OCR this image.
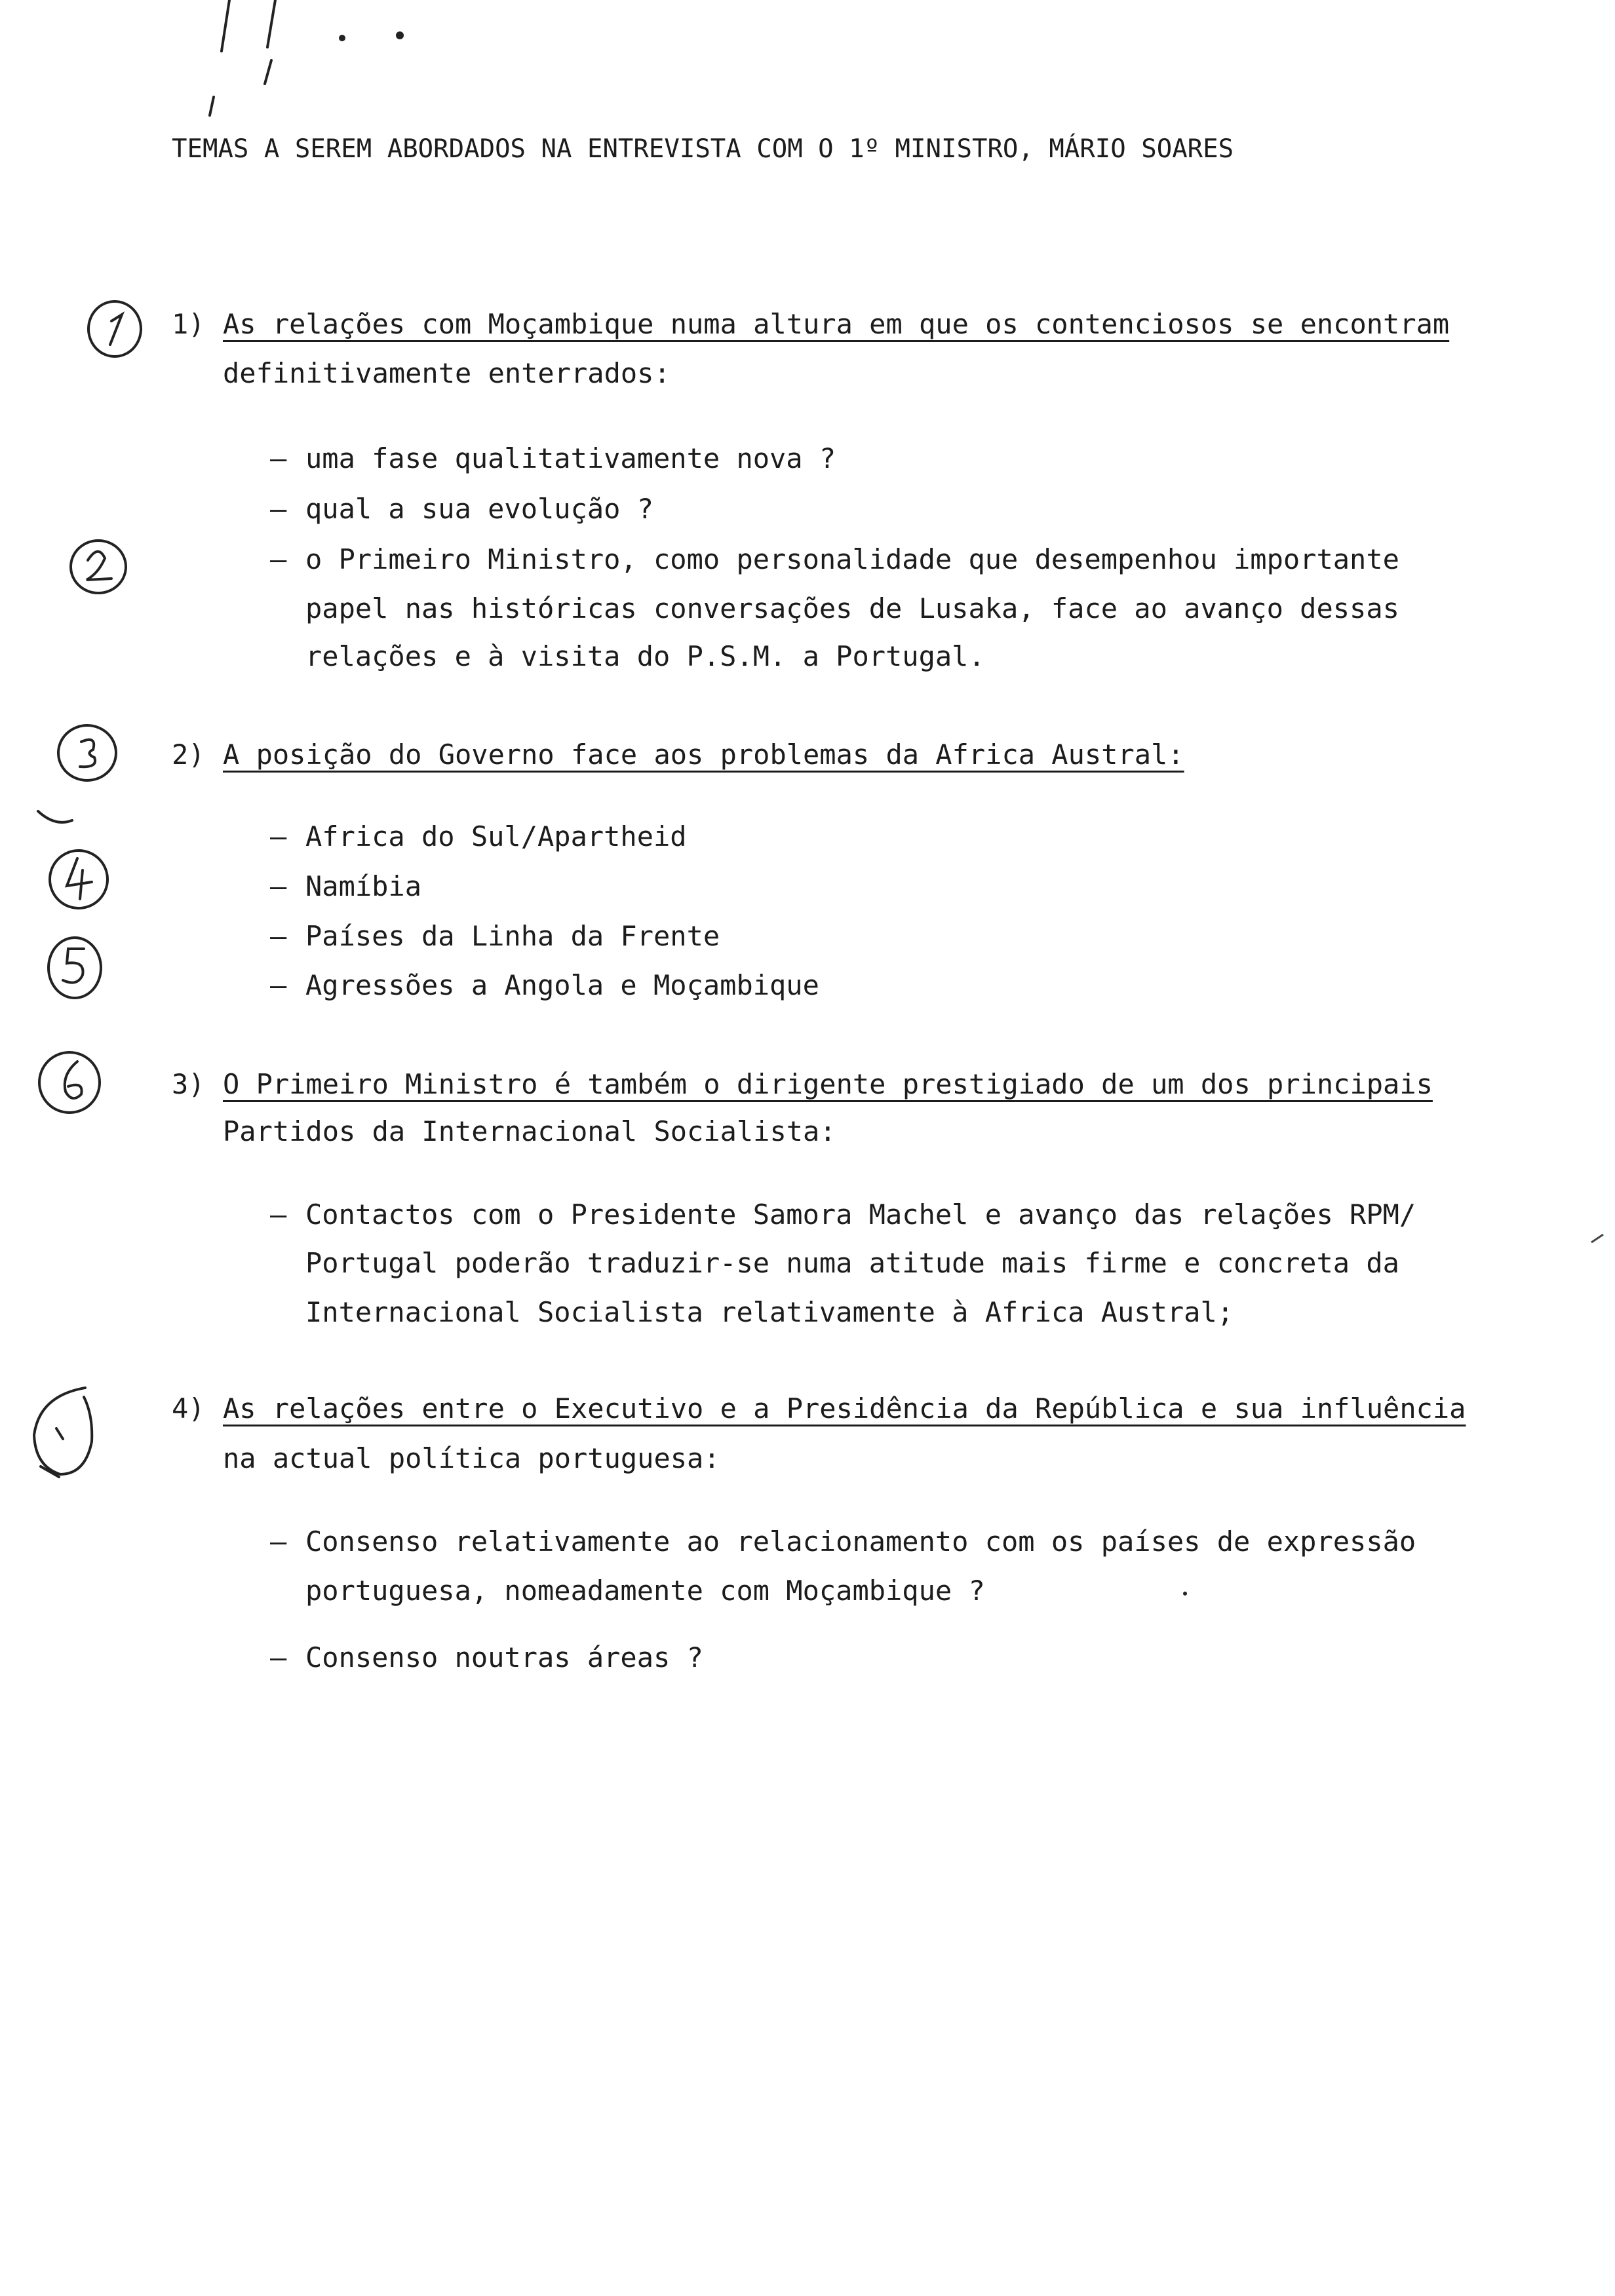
TEMAS A SEREM ABORDADOS NA ENTREVISTA COM O 1º MINISTRO, MÁRIO SOARES
1) As relações com Moçambique numa altura em que os contenciosos se encontram
definitivamente enterrados:
– uma fase qualitativamente nova ?
– qual a sua evolução ?
– o Primeiro Ministro, como personalidade que desempenhou importante
papel nas históricas conversações de Lusaka, face ao avanço dessas
relações e à visita do P.S.M. a Portugal.
2) A posição do Governo face aos problemas da Africa Austral:
– Africa do Sul/Apartheid
– Namíbia
– Países da Linha da Frente
– Agressões a Angola e Moçambique
3) O Primeiro Ministro é também o dirigente prestigiado de um dos principais
Partidos da Internacional Socialista:
– Contactos com o Presidente Samora Machel e avanço das relações RPM/
Portugal poderão traduzir-se numa atitude mais firme e concreta da
Internacional Socialista relativamente à Africa Austral;
4) As relações entre o Executivo e a Presidência da República e sua influência
na actual política portuguesa:
– Consenso relativamente ao relacionamento com os países de expressão
portuguesa, nomeadamente com Moçambique ?
– Consenso noutras áreas ?
